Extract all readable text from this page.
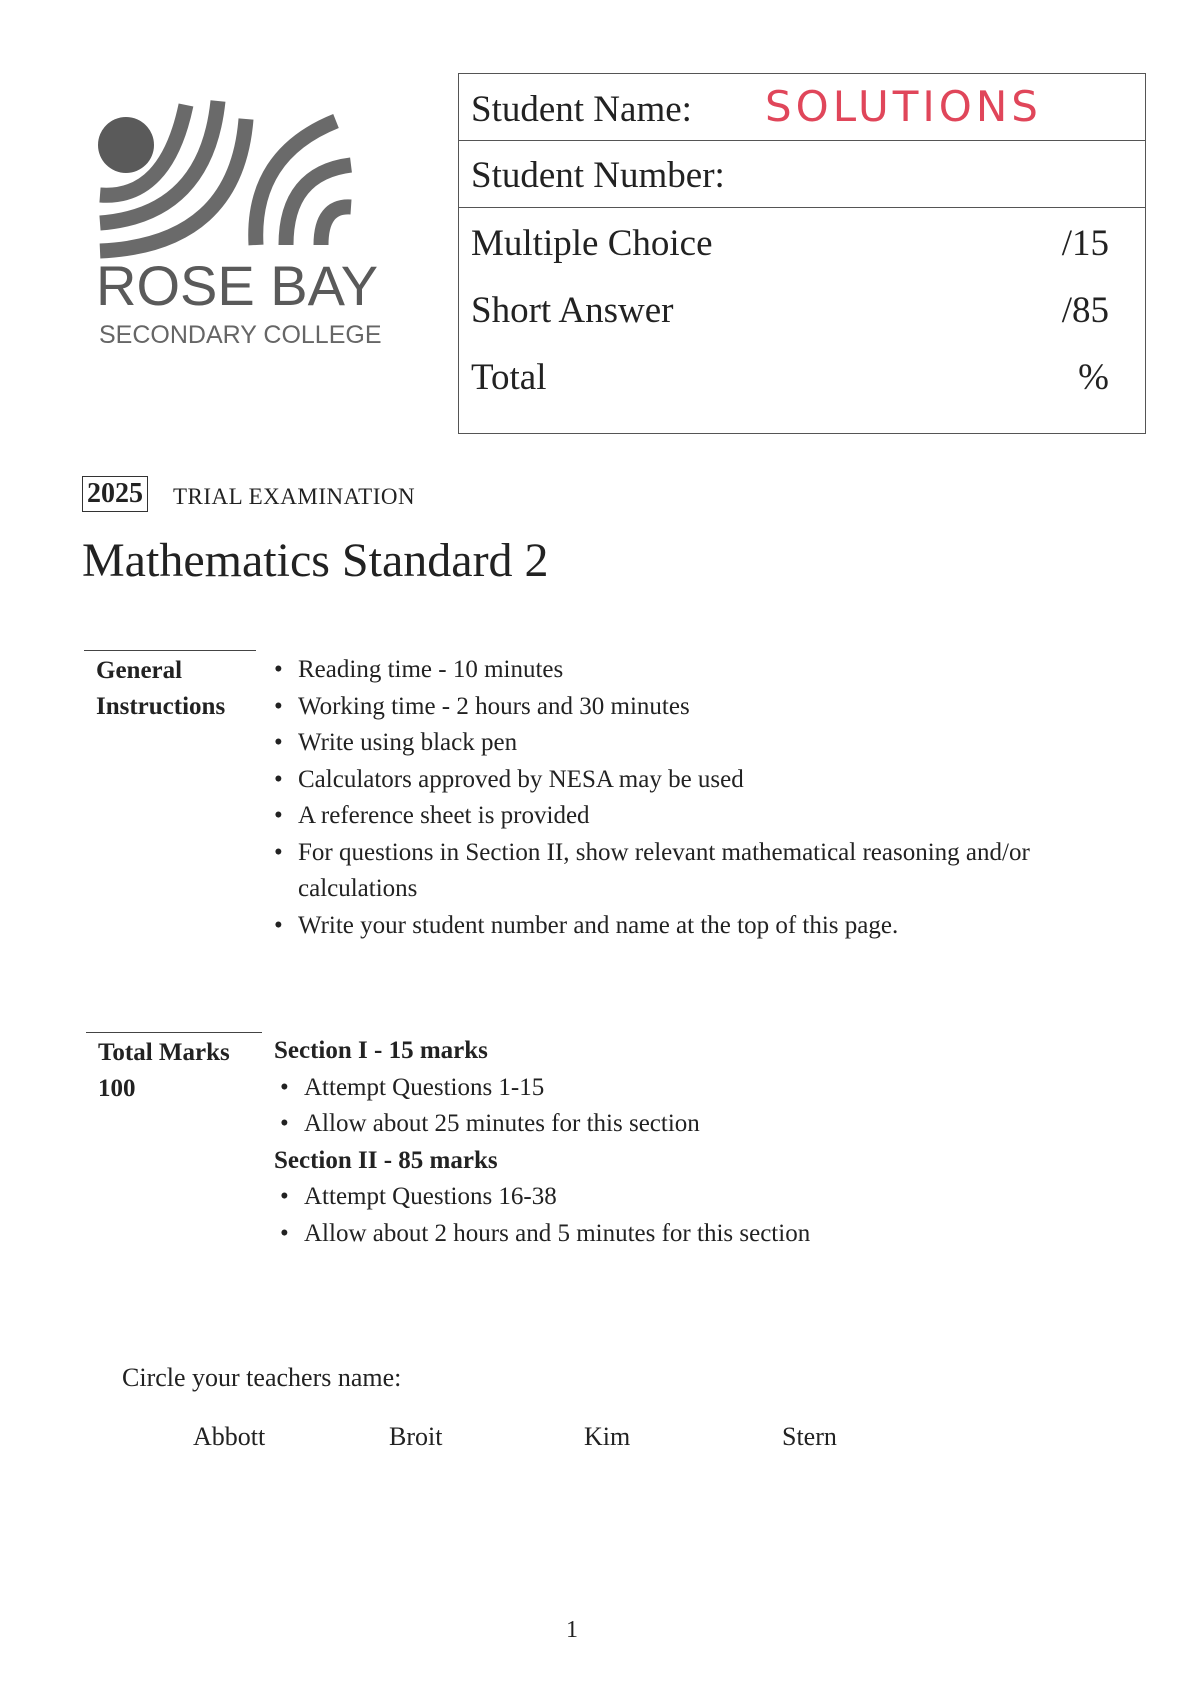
ROSE BAY
SECONDARY COLLEGE
Student Name: SOLUTIONS
Student Number:
Multiple Choice	/15
Short Answer	/85
Total	%
2025 TRIAL EXAMINATION
Mathematics Standard 2
General
Instructions
• Reading time - 10 minutes
• Working time - 2 hours and 30 minutes
• Write using black pen
• Calculators approved by NESA may be used
• A reference sheet is provided
• For questions in Section II, show relevant mathematical reasoning and/or calculations
• Write your student number and name at the top of this page.
Total Marks
100
Section I - 15 marks
• Attempt Questions 1-15
• Allow about 25 minutes for this section
Section II - 85 marks
• Attempt Questions 16-38
• Allow about 2 hours and 5 minutes for this section
Circle your teachers name:
Abbott	Broit	Kim	Stern
1
